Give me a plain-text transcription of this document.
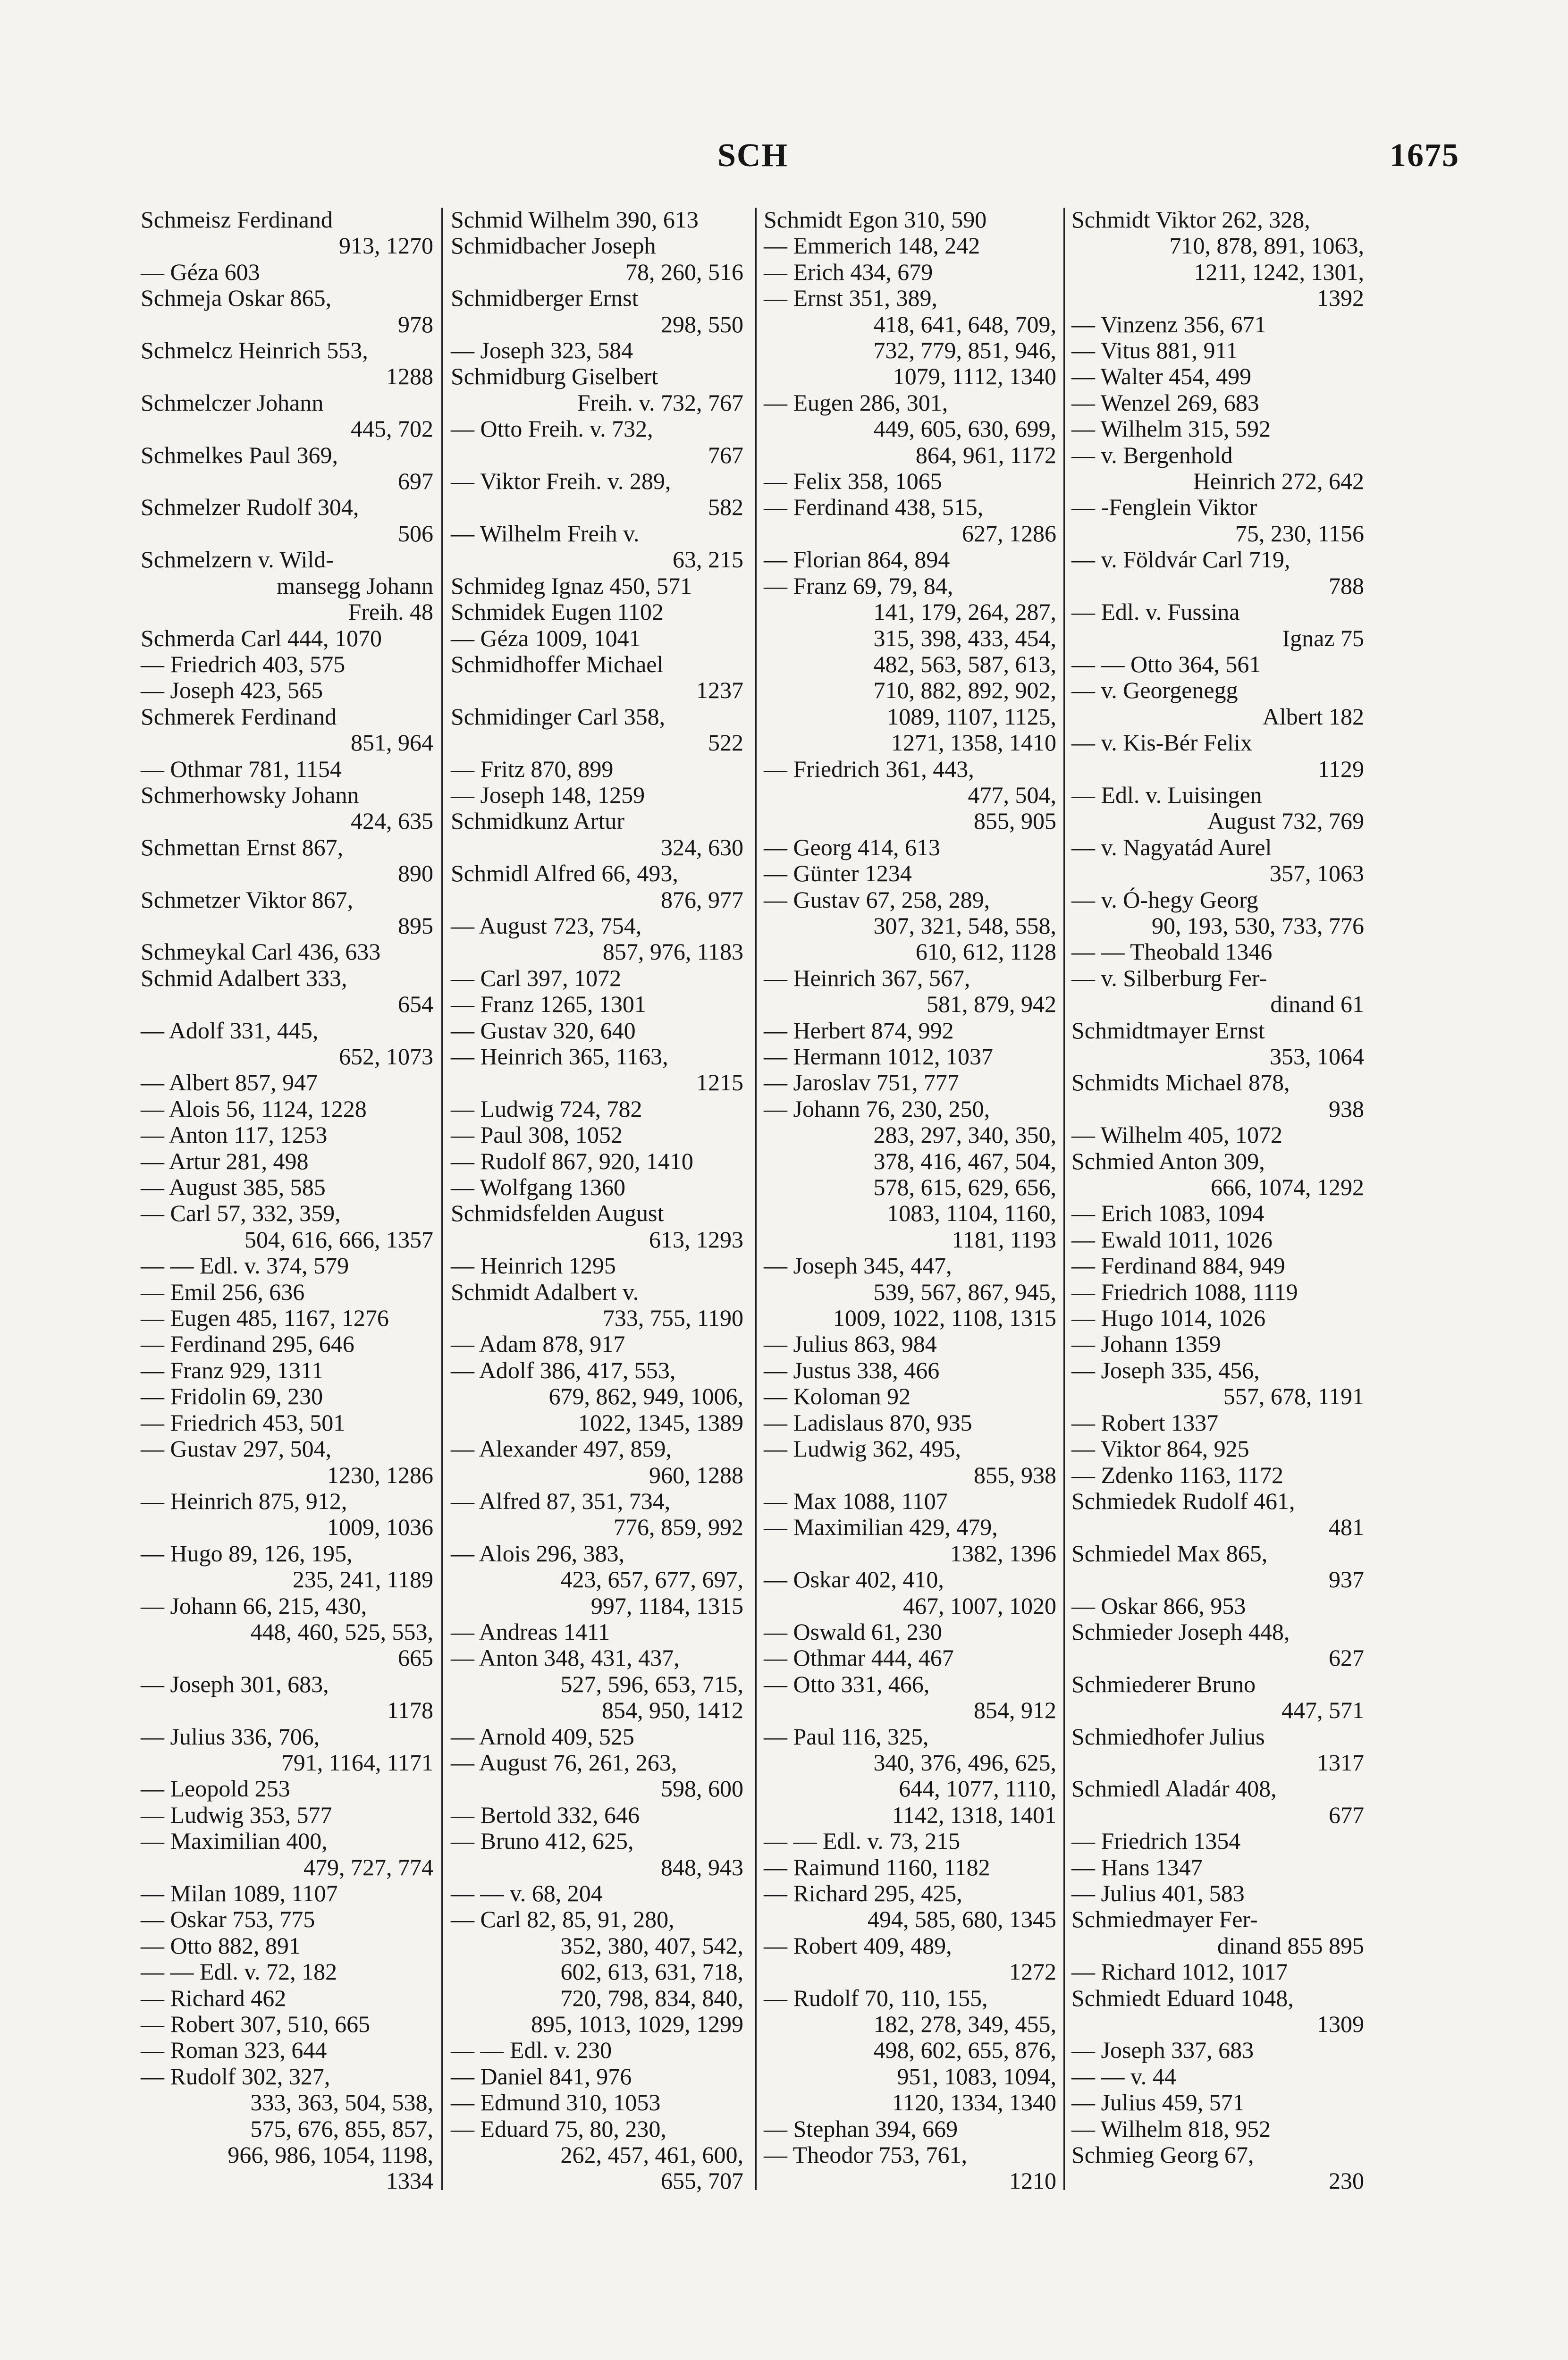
SCH	1675
Schmeisz Ferdinand
913, 1270
— Géza 603
Schmeja Oskar 865,
978
Schmelcz Heinrich 553,
1288
Schmelczer Johann
445, 702
Schmelkes Paul 369,
697
Schmelzer Rudolf 304,
506
Schmelzern v. Wild-
mansegg Johann
Freih. 48
Schmerda Carl 444, 1070
— Friedrich 403, 575
— Joseph 423, 565
Schmerek Ferdinand
851, 964
— Othmar 781, 1154
Schmerhowsky Johann
424, 635
Schmettan Ernst 867,
890
Schmetzer Viktor 867,
895
Schmeykal Carl 436, 633
Schmid Adalbert 333,
654
— Adolf 331, 445,
652, 1073
— Albert 857, 947
— Alois 56, 1124, 1228
— Anton 117, 1253
— Artur 281, 498
— August 385, 585
— Carl 57, 332, 359,
504, 616, 666, 1357
— — Edl. v. 374, 579
— Emil 256, 636
— Eugen 485, 1167, 1276
— Ferdinand 295, 646
— Franz 929, 1311
— Fridolin 69, 230
— Friedrich 453, 501
— Gustav 297, 504,
1230, 1286
— Heinrich 875, 912,
1009, 1036
— Hugo 89, 126, 195,
235, 241, 1189
— Johann 66, 215, 430,
448, 460, 525, 553,
665
— Joseph 301, 683,
1178
— Julius 336, 706,
791, 1164, 1171
— Leopold 253
— Ludwig 353, 577
— Maximilian 400,
479, 727, 774
— Milan 1089, 1107
— Oskar 753, 775
— Otto 882, 891
— — Edl. v. 72, 182
— Richard 462
— Robert 307, 510, 665
— Roman 323, 644
— Rudolf 302, 327,
333, 363, 504, 538,
575, 676, 855, 857,
966, 986, 1054, 1198,
1334
Schmid Wilhelm 390, 613
Schmidbacher Joseph
78, 260, 516
Schmidberger Ernst
298, 550
— Joseph 323, 584
Schmidburg Giselbert
Freih. v. 732, 767
— Otto Freih. v. 732,
767
— Viktor Freih. v. 289,
582
— Wilhelm Freih v.
63, 215
Schmideg Ignaz 450, 571
Schmidek Eugen 1102
— Géza 1009, 1041
Schmidhoffer Michael
1237
Schmidinger Carl 358,
522
— Fritz 870, 899
— Joseph 148, 1259
Schmidkunz Artur
324, 630
Schmidl Alfred 66, 493,
876, 977
— August 723, 754,
857, 976, 1183
— Carl 397, 1072
— Franz 1265, 1301
— Gustav 320, 640
— Heinrich 365, 1163,
1215
— Ludwig 724, 782
— Paul 308, 1052
— Rudolf 867, 920, 1410
— Wolfgang 1360
Schmidsfelden August
613, 1293
— Heinrich 1295
Schmidt Adalbert v.
733, 755, 1190
— Adam 878, 917
— Adolf 386, 417, 553,
679, 862, 949, 1006,
1022, 1345, 1389
— Alexander 497, 859,
960, 1288
— Alfred 87, 351, 734,
776, 859, 992
— Alois 296, 383,
423, 657, 677, 697,
997, 1184, 1315
— Andreas 1411
— Anton 348, 431, 437,
527, 596, 653, 715,
854, 950, 1412
— Arnold 409, 525
— August 76, 261, 263,
598, 600
— Bertold 332, 646
— Bruno 412, 625,
848, 943
— — v. 68, 204
— Carl 82, 85, 91, 280,
352, 380, 407, 542,
602, 613, 631, 718,
720, 798, 834, 840,
895, 1013, 1029, 1299
— — Edl. v. 230
— Daniel 841, 976
— Edmund 310, 1053
— Eduard 75, 80, 230,
262, 457, 461, 600,
655, 707
Schmidt Egon 310, 590
— Emmerich 148, 242
— Erich 434, 679
— Ernst 351, 389,
418, 641, 648, 709,
732, 779, 851, 946,
1079, 1112, 1340
— Eugen 286, 301,
449, 605, 630, 699,
864, 961, 1172
— Felix 358, 1065
— Ferdinand 438, 515,
627, 1286
— Florian 864, 894
— Franz 69, 79, 84,
141, 179, 264, 287,
315, 398, 433, 454,
482, 563, 587, 613,
710, 882, 892, 902,
1089, 1107, 1125,
1271, 1358, 1410
— Friedrich 361, 443,
477, 504,
855, 905
— Georg 414, 613
— Günter 1234
— Gustav 67, 258, 289,
307, 321, 548, 558,
610, 612, 1128
— Heinrich 367, 567,
581, 879, 942
— Herbert 874, 992
— Hermann 1012, 1037
— Jaroslav 751, 777
— Johann 76, 230, 250,
283, 297, 340, 350,
378, 416, 467, 504,
578, 615, 629, 656,
1083, 1104, 1160,
1181, 1193
— Joseph 345, 447,
539, 567, 867, 945,
1009, 1022, 1108, 1315
— Julius 863, 984
— Justus 338, 466
— Koloman 92
— Ladislaus 870, 935
— Ludwig 362, 495,
855, 938
— Max 1088, 1107
— Maximilian 429, 479,
1382, 1396
— Oskar 402, 410,
467, 1007, 1020
— Oswald 61, 230
— Othmar 444, 467
— Otto 331, 466,
854, 912
— Paul 116, 325,
340, 376, 496, 625,
644, 1077, 1110,
1142, 1318, 1401
— — Edl. v. 73, 215
— Raimund 1160, 1182
— Richard 295, 425,
494, 585, 680, 1345
— Robert 409, 489,
1272
— Rudolf 70, 110, 155,
182, 278, 349, 455,
498, 602, 655, 876,
951, 1083, 1094,
1120, 1334, 1340
— Stephan 394, 669
— Theodor 753, 761,
1210
Schmidt Viktor 262, 328,
710, 878, 891, 1063,
1211, 1242, 1301,
1392
— Vinzenz 356, 671
— Vitus 881, 911
— Walter 454, 499
— Wenzel 269, 683
— Wilhelm 315, 592
— v. Bergenhold
Heinrich 272, 642
— -Fenglein Viktor
75, 230, 1156
— v. Földvár Carl 719,
788
— Edl. v. Fussina
Ignaz 75
— — Otto 364, 561
— v. Georgenegg
Albert 182
— v. Kis-Bér Felix
1129
— Edl. v. Luisingen
August 732, 769
— v. Nagyatád Aurel
357, 1063
— v. Ó-hegy Georg
90, 193, 530, 733, 776
— — Theobald 1346
— v. Silberburg Fer-
dinand 61
Schmidtmayer Ernst
353, 1064
Schmidts Michael 878,
938
— Wilhelm 405, 1072
Schmied Anton 309,
666, 1074, 1292
— Erich 1083, 1094
— Ewald 1011, 1026
— Ferdinand 884, 949
— Friedrich 1088, 1119
— Hugo 1014, 1026
— Johann 1359
— Joseph 335, 456,
557, 678, 1191
— Robert 1337
— Viktor 864, 925
— Zdenko 1163, 1172
Schmiedek Rudolf 461,
481
Schmiedel Max 865,
937
— Oskar 866, 953
Schmieder Joseph 448,
627
Schmiederer Bruno
447, 571
Schmiedhofer Julius
1317
Schmiedl Aladár 408,
677
— Friedrich 1354
— Hans 1347
— Julius 401, 583
Schmiedmayer Fer-
dinand 855 895
— Richard 1012, 1017
Schmiedt Eduard 1048,
1309
— Joseph 337, 683
— — v. 44
— Julius 459, 571
— Wilhelm 818, 952
Schmieg Georg 67,
230
